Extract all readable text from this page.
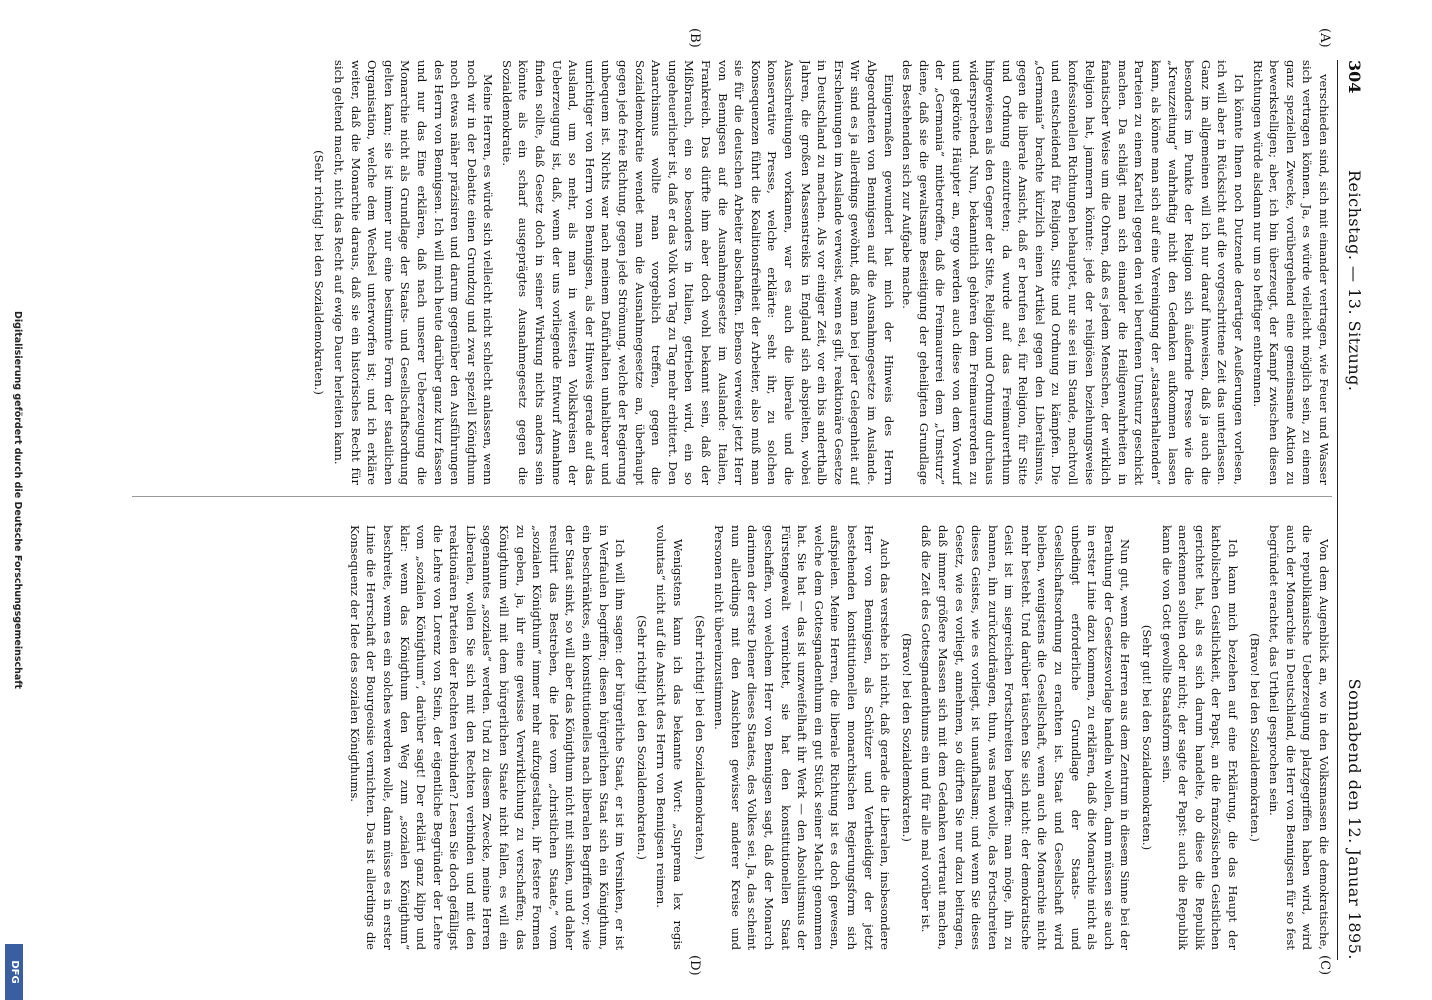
304
Reichstag. — 13. Sitzung.
Sonnabend den 12. Januar 1895.
(A)
(B)
(C)
(D)

verschieden sind, sich mit einander vertragen, wie Feuer und Wasser sich vertragen können. Ja, es würde vielleicht möglich sein, zu einem ganz speziellen Zwecke, vorübergehend eine gemeinsame Aktion zu bewerkstelligen; aber, ich bin überzeugt, der Kampf zwischen diesen Richtungen würde alsdann nur um so heftiger entbrennen.

Ich könnte Ihnen noch Dutzende derartiger Aeußerungen vorlesen, ich will aber in Rücksicht auf die vorgeschrittene Zeit das unterlassen. Ganz im allgemeinen will ich nur darauf hinweisen, daß ja auch die besonders im Punkte der Religion sich äußernde Presse wie die „Kreuzzeitung“ wahrhaftig nicht den Gedanken aufkommen lassen kann, als könne man sich auf eine Vereinigung der „staatserhaltenden“ Parteien zu einem Kartell gegen den viel berufenen Umsturz geschickt machen. Da schlägt man sich einander die Heiligenwahrheiten in fanatischer Weise um die Ohren, daß es jedem Menschen, der wirklich Religion hat, jammern könnte: jede der religiösen beziehungsweise konfessionellen Richtungen behauptet, nur sie sei im Stande, machtvoll und entscheidend für Religion, Sitte und Ordnung zu kämpfen. Die „Germania“ brachte kürzlich einen Artikel gegen den Liberalismus, gegen die liberale Ansicht, daß er berufen sei, für Religion, für Sitte und Ordnung einzutreten; da wurde auf das Freimaurerthum hingewiesen als den Gegner der Sitte, Religion und Ordnung durchaus widersprechend. Nun, bekanntlich gehören dem Freimaurerorden zu und gekrönte Häupter an, ergo werden auch diese von dem Vorwurf der „Germania“ mitbetroffen, daß die Freimaurerei dem „Umsturz“ diene, daß sie die gewaltsame Beseitigung der geheiligten Grundlage des Bestehenden sich zur Aufgabe mache.

Einigermaßen gewundert hat mich der Hinweis des Herrn Abgeordneten von Bennigsen auf die Ausnahmegesetze im Auslande. Wir sind es ja allerdings gewöhnt, daß man bei jeder Gelegenheit auf Erscheinungen im Auslande verweist, wenn es gilt, reaktionäre Gesetze in Deutschland zu machen. Als vor einiger Zeit, vor ein bis anderthalb Jahren, die großen Massenstreiks in England sich abspielten, wobei Ausschreitungen vorkamen, war es auch die liberale und die konservative Presse, welche erklärte: seht ihr, zu solchen Konsequenzen führt die Koalitionsfreiheit der Arbeiter, also muß man sie für die deutschen Arbeiter abschaffen. Ebenso verweist jetzt Herr von Bennigsen auf die Ausnahmegesetze im Auslande: Italien, Frankreich. Das dürfte ihm aber doch wohl bekannt sein, daß der Mißbrauch, ein so besonders in Italien, getrieben wird, ein so ungeheuerlicher ist, daß er das Volk von Tag zu Tag mehr erbittert. Den Anarchismus wollte man vorgeblich treffen, gegen die Sozialdemokratie wendet man die Ausnahmegesetze an, überhaupt gegen jede freie Richtung, gegen jede Strömung, welche der Regierung unbequem ist. Nichts war nach meinem Dafürhalten unhaltbarer und unrichtiger von Herrn von Bennigsen, als der Hinweis gerade auf das Ausland, um so mehr, als man in weitesten Volkskreisen der Ueberzeugung ist, daß, wenn der uns vorliegende Entwurf Annahme finden sollte, daß Gesetz doch in seiner Wirkung nichts anders sein könnte als ein scharf ausgeprägtes Ausnahmegesetz gegen die Sozialdemokratie.

Meine Herren, es würde sich vielleicht nicht schlecht anlassen, wenn noch wir in der Debatte einen Grundzug und zwar speziell Königthum noch etwas näher präzisiren und darum gegenüber den Ausführungen des Herrn von Bennigsen. Ich will mich heute darüber ganz kurz fassen und nur das Eine erklären, daß nach unserer Ueberzeugung die Monarchie nicht als Grundlage der Staats- und Gesellschaftsordnung gelten kann; sie ist immer nur eine bestimmte Form der staatlichen Organisation, welche dem Wechsel unterworfen ist; und ich erkläre weiter, daß die Monarchie daraus, daß sie ein historisches Recht für sich geltend macht, nicht das Recht auf ewige Dauer herleiten kann.

(Sehr richtig! bei den Sozialdemokraten.)

Von dem Augenblick an, wo in den Volksmassen die demokratische, die republikanische Ueberzeugung platzgegriffen haben wird, wird auch der Monarchie in Deutschland, die Herr von Bennigsen für so fest begründet erachtet, das Urtheil gesprochen sein.

(Bravo! bei den Sozialdemokraten.)

Ich kann mich beziehen auf eine Erklärung, die das Haupt der katholischen Geistlichkeit, der Papst, an die französischen Geistlichen gerichtet hat, als es sich darum handelte, ob diese die Republik anerkennen sollten oder nicht; der sagte der Papst: auch die Republik kann die von Gott gewollte Staatsform sein.

(Sehr gut! bei den Sozialdemokraten.)

Nun gut, wenn die Herren aus dem Zentrum in diesem Sinne bei der Berathung der Gesetzesvorlage handeln wollen, dann müssen sie auch in erster Linie dazu kommen, zu erklären, daß die Monarchie nicht als unbedingt erforderliche Grundlage der Staats- und Gesellschaftsordnung zu erachten ist. Staat und Gesellschaft wird bleiben, wenigstens die Gesellschaft, wenn auch die Monarchie nicht mehr besteht. Und darüber täuschen Sie sich nicht: der demokratische Geist ist im siegreichen Fortschreiten begriffen: man möge, ihn zu bannen, ihn zurückzudrängen, thun, was man wolle, das Fortschreiten dieses Geistes, wie es vorliegt, ist unaufhaltsam; und wenn Sie dieses Gesetz, wie es vorliegt, annehmen, so dürften Sie nur dazu beitragen, daß immer größere Massen sich mit dem Gedanken vertraut machen, daß die Zeit des Gottesgnadenthums ein und für alle mal vorüber ist.

(Bravo! bei den Sozialdemokraten.)

Auch das verstehe ich nicht, daß gerade die Liberalen, insbesondere Herr von Bennigsen, als Schützer und Vertheidiger der jetzt bestehenden konstitutionellen monarchischen Regierungsform sich aufspielen. Meine Herren, die liberale Richtung ist es doch gewesen, welche dem Gottesgnadenthum ein gut Stück seiner Macht genommen hat. Sie hat — das ist unzweifelhaft ihr Werk — den Absolutismus der Fürstengewalt vernichtet, sie hat den konstitutionellen Staat geschaffen, von welchem Herr von Bennigsen sagt, daß der Monarch darinnen der erste Diener dieses Staates, des Volkes sei. Ja, das scheint nun allerdings mit den Ansichten gewisser anderer Kreise und Personen nicht übereinzustimmen.

(Sehr richtig! bei den Sozialdemokraten.)

Wenigstens kann ich das bekannte Wort: „Suprema lex regis voluntas“ nicht auf die Ansicht des Herrn von Bennigsen reimen.

(Sehr richtig! bei den Sozialdemokraten.)

Ich will ihm sagen: der bürgerliche Staat, er ist im Versinken, er ist in Verfaulen begriffen; diesen bürgerlichen Staat sich ein Königthum, ein beschränktes, ein konstitutionelles nach liberalen Begriffen vor; wie der Staat sinkt, so will aber das Königthum nicht mit sinken, und daher resultirt das Bestreben, die Idee vom „christlichen Staate,“ vom „sozialen Königthum“ immer mehr aufzugestalten, ihr festere Formen zu geben, ja, ihr eine gewisse Verwirklichung zu verschaffen; das Königthum will mit dem bürgerlichen Staate nicht fallen, es will ein sogenanntes „soziales“ werden. Und zu diesem Zwecke, meine Herren Liberalen, wollen Sie sich mit den Rechten verbinden und mit den reaktionären Parteien der Rechten verbinden? Lesen Sie doch gefälligst die Lehre von Lorenz von Stein, der eigentliche Begründer der Lehre vom „sozialen Königthum“, darüber sagt! Der erklärt ganz klipp und klar: wenn das Königthum den Weg zum „sozialen Königthum“ beschreite, wenn es ein solches werden wolle, dann müsse es in erster Linie die Herrschaft der Bourgeoisie vernichten. Das ist allerdings die Konsequenz der Idee des sozialen Königthums.

Digitalisierung gefördert durch die Deutsche Forschungsgemeinschaft
DFG
